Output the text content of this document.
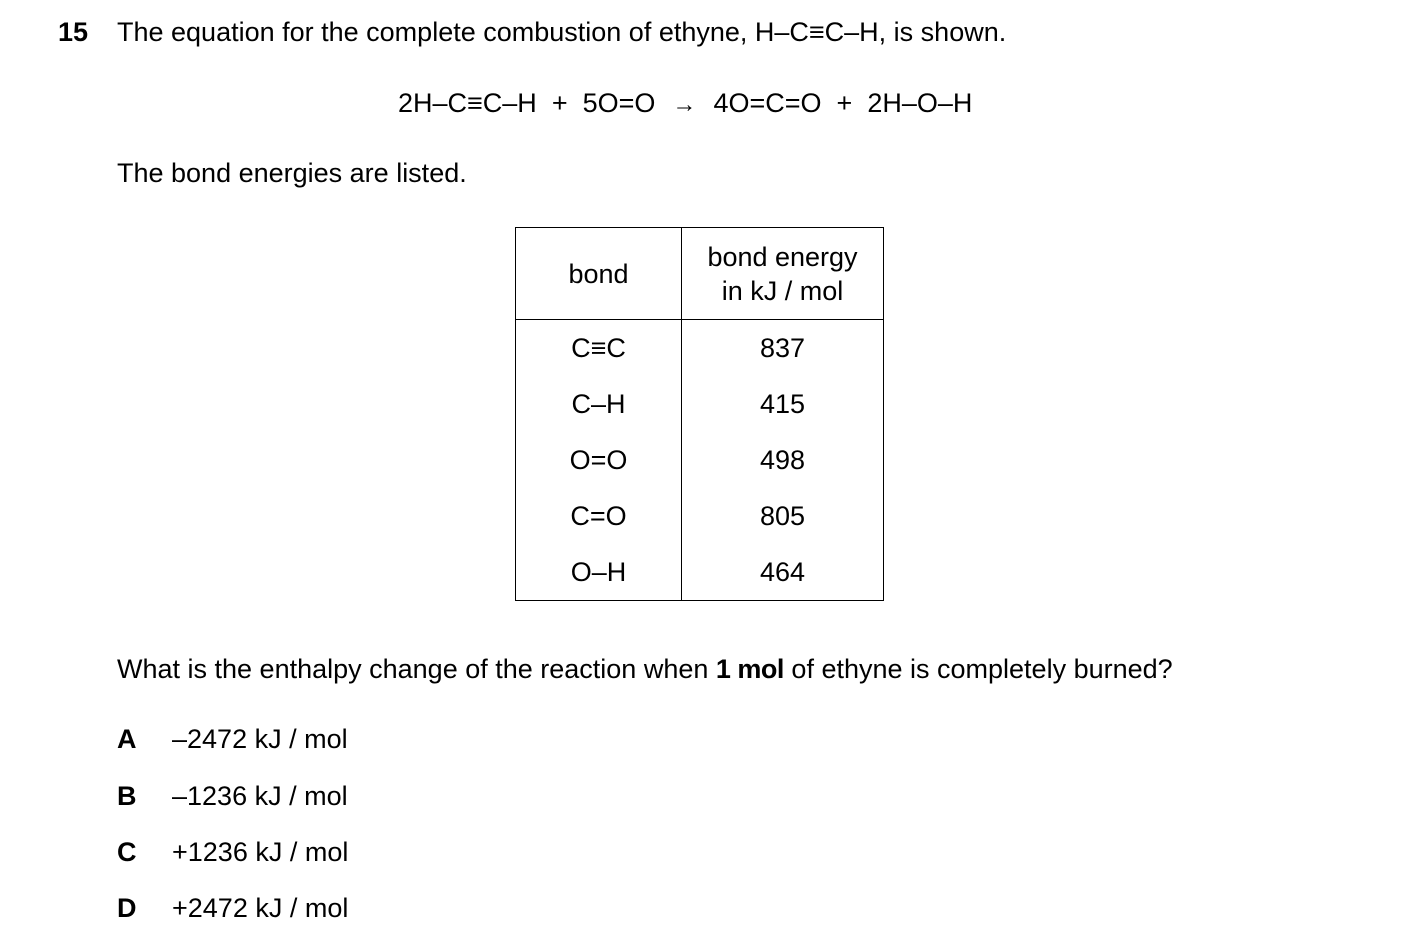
15 The equation for the complete combustion of ethyne, H–C≡C–H, is shown.
2H–C≡C–H + 5O=O → 4O=C=O + 2H–O–H
The bond energies are listed.
bond	bond energy
in kJ / mol
C≡C	837
C–H	415
O=O	498
C=O	805
O–H	464
What is the enthalpy change of the reaction when 1 mol of ethyne is completely burned?
A –2472 kJ / mol
B –1236 kJ / mol
C +1236 kJ / mol
D +2472 kJ / mol
